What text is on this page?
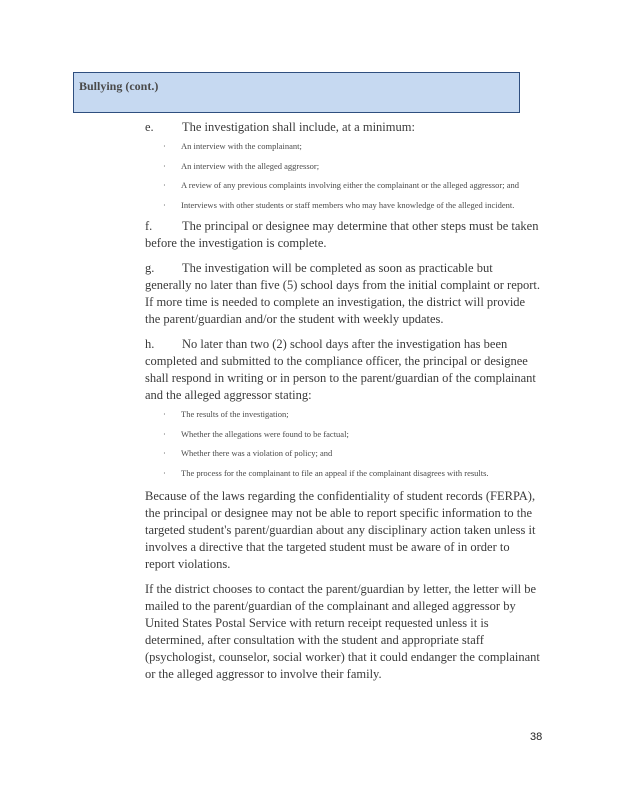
Bullying (cont.)
e. The investigation shall include, at a minimum:
· An interview with the complainant;
· An interview with the alleged aggressor;
·	A review of any previous complaints involving either the complainant or the alleged aggressor; and
·	Interviews with other students or staff members who may have knowledge of the alleged incident.
f. The principal or designee may determine that other steps must be taken before the investigation is complete.
g. The investigation will be completed as soon as practicable but generally no later than five (5) school days from the initial complaint or report. If more time is needed to complete an investigation, the district will provide the parent/guardian and/or the student with weekly updates.
h. No later than two (2) school days after the investigation has been completed and submitted to the compliance officer, the principal or designee shall respond in writing or in person to the parent/guardian of the complainant and the alleged aggressor stating:
· The results of the investigation;
· Whether the allegations were found to be factual;
· Whether there was a violation of policy; and
·	The process for the complainant to file an appeal if the complainant disagrees with results.
Because of the laws regarding the confidentiality of student records (FERPA), the principal or designee may not be able to report specific information to the targeted student's parent/guardian about any disciplinary action taken unless it involves a directive that the targeted student must be aware of in order to report violations.
If the district chooses to contact the parent/guardian by letter, the letter will be mailed to the parent/guardian of the complainant and alleged aggressor by United States Postal Service with return receipt requested unless it is determined, after consultation with the student and appropriate staff (psychologist, counselor, social worker) that it could endanger the complainant or the alleged aggressor to involve their family.
38
